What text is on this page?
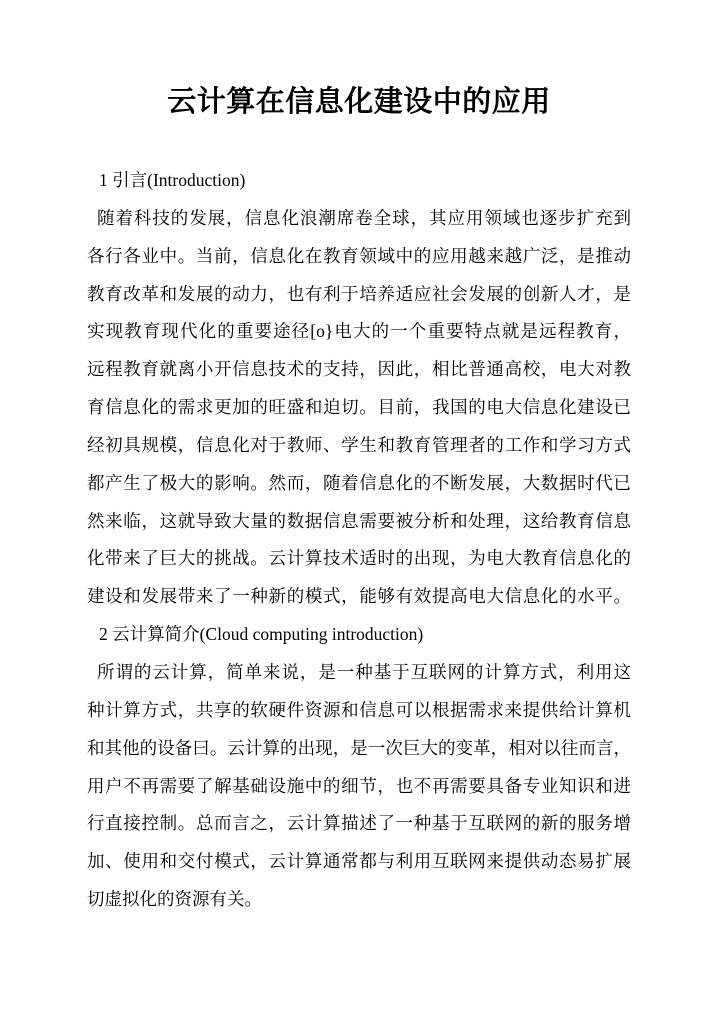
云计算在信息化建设中的应用
1 引言(Introduction)
随着科技的发展，信息化浪潮席卷全球，其应用领域也逐步扩充到
各行各业中。当前，信息化在教育领域中的应用越来越广泛，是推动
教育改革和发展的动力，也有利于培养适应社会发展的创新人才，是
实现教育现代化的重要途径[o}电大的一个重要特点就是远程教育，
远程教育就离小开信息技术的支持，因此，相比普通高校，电大对教
育信息化的需求更加的旺盛和迫切。目前，我国的电大信息化建设已
经初具规模，信息化对于教师、学生和教育管理者的工作和学习方式
都产生了极大的影响。然而，随着信息化的不断发展，大数据时代已
然来临，这就导致大量的数据信息需要被分析和处理，这给教育信息
化带来了巨大的挑战。云计算技术适时的出现，为电大教育信息化的
建设和发展带来了一种新的模式，能够有效提高电大信息化的水平。
2 云计算简介(Cloud computing introduction)
所谓的云计算，简单来说，是一种基于互联网的计算方式，利用这
种计算方式，共享的软硬件资源和信息可以根据需求来提供给计算机
和其他的设备曰。云计算的出现，是一次巨大的变革，相对以往而言，
用户不再需要了解基础设施中的细节，也不再需要具备专业知识和进
行直接控制。总而言之，云计算描述了一种基于互联网的新的服务增
加、使用和交付模式，云计算通常都与利用互联网来提供动态易扩展
切虚拟化的资源有关。
